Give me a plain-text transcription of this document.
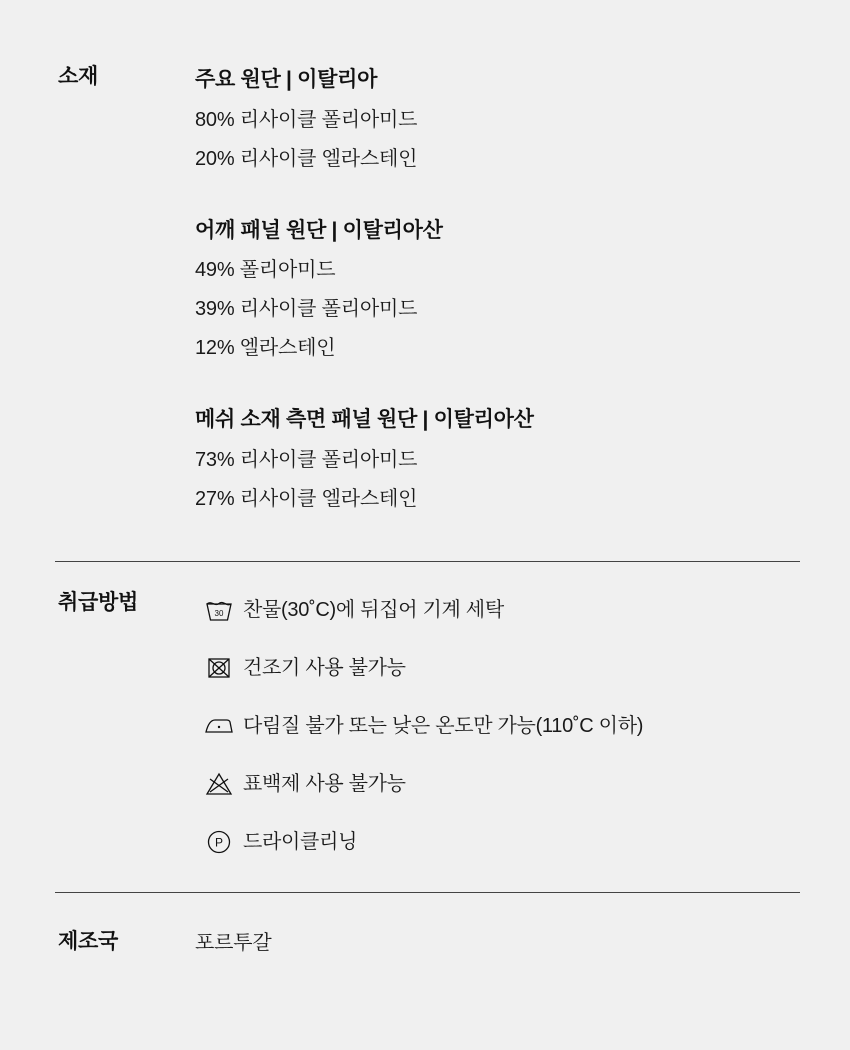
소재	주요 원단 | 이탈리아
80% 리사이클 폴리아미드
20% 리사이클 엘라스테인
어깨 패널 원단 | 이탈리아산
49% 폴리아미드
39% 리사이클 폴리아미드
12% 엘라스테인
메쉬 소재 측면 패널 원단 | 이탈리아산
73% 리사이클 폴리아미드
27% 리사이클 엘라스테인
취급방법	30 찬물(30˚C)에 뒤집어 기계 세탁
건조기 사용 불가능
다림질 불가 또는 낮은 온도만 가능(110˚C 이하)
표백제 사용 불가능
P 드라이클리닝
제조국	포르투갈
